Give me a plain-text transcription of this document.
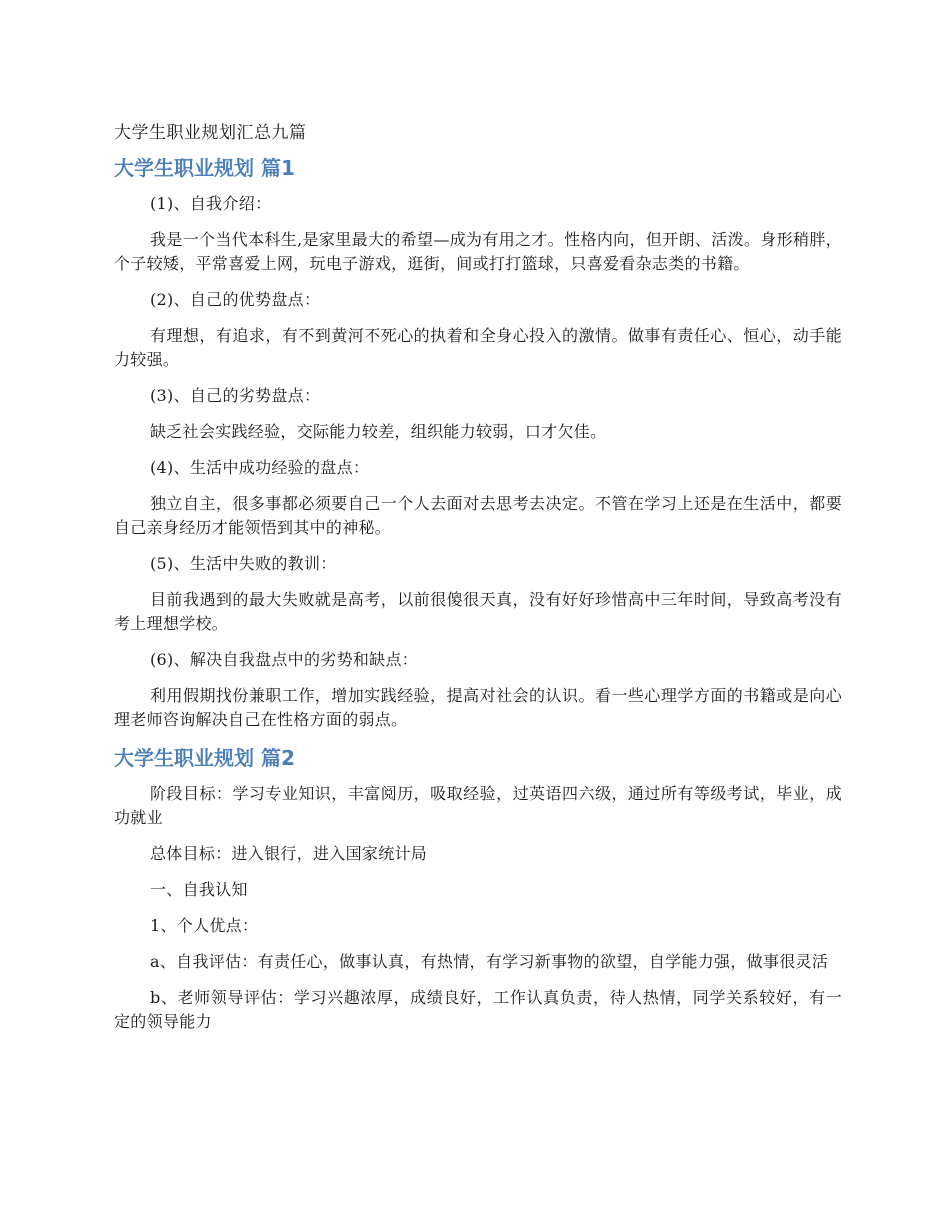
大学生职业规划汇总九篇
大学生职业规划 篇1

(1)、自我介绍：

我是一个当代本科生,是家里最大的希望—成为有用之才。性格内向，但开朗、活泼。身形稍胖，个子较矮，平常喜爱上网，玩电子游戏，逛街，间或打打篮球，只喜爱看杂志类的书籍。

(2)、自己的优势盘点：

有理想，有追求，有不到黄河不死心的执着和全身心投入的激情。做事有责任心、恒心，动手能力较强。

(3)、自己的劣势盘点：

缺乏社会实践经验，交际能力较差，组织能力较弱，口才欠佳。

(4)、生活中成功经验的盘点：

独立自主，很多事都必须要自己一个人去面对去思考去决定。不管在学习上还是在生活中，都要自己亲身经历才能领悟到其中的神秘。

(5)、生活中失败的教训：

目前我遇到的最大失败就是高考，以前很傻很天真，没有好好珍惜高中三年时间，导致高考没有考上理想学校。

(6)、解决自我盘点中的劣势和缺点：

利用假期找份兼职工作，增加实践经验，提高对社会的认识。看一些心理学方面的书籍或是向心理老师咨询解决自己在性格方面的弱点。

大学生职业规划 篇2

阶段目标：学习专业知识，丰富阅历，吸取经验，过英语四六级，通过所有等级考试，毕业，成功就业

总体目标：进入银行，进入国家统计局

一、自我认知

1、个人优点：

a、自我评估：有责任心，做事认真，有热情，有学习新事物的欲望，自学能力强，做事很灵活

b、老师领导评估：学习兴趣浓厚，成绩良好，工作认真负责，待人热情，同学关系较好，有一定的领导能力
